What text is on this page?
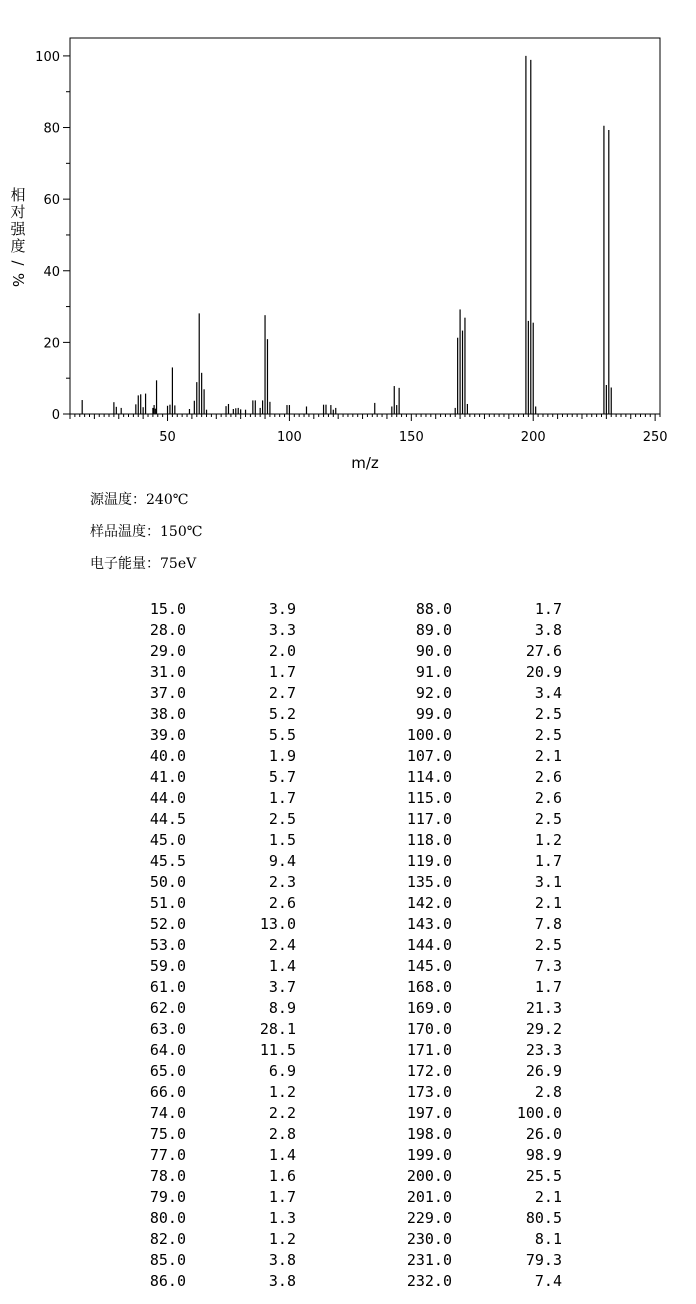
50	100	150	200	250
0
20
40
60
80
100
m/z
相
对
强
度
/
%
源温度：240℃
样品温度：150℃
电子能量：75eV
15.0	3.9	88.0	1.7
28.0	3.3	89.0	3.8
29.0	2.0	90.0	27.6
31.0	1.7	91.0	20.9
37.0	2.7	92.0	3.4
38.0	5.2	99.0	2.5
39.0	5.5	100.0	2.5
40.0	1.9	107.0	2.1
41.0	5.7	114.0	2.6
44.0	1.7	115.0	2.6
44.5	2.5	117.0	2.5
45.0	1.5	118.0	1.2
45.5	9.4	119.0	1.7
50.0	2.3	135.0	3.1
51.0	2.6	142.0	2.1
52.0	13.0	143.0	7.8
53.0	2.4	144.0	2.5
59.0	1.4	145.0	7.3
61.0	3.7	168.0	1.7
62.0	8.9	169.0	21.3
63.0	28.1	170.0	29.2
64.0	11.5	171.0	23.3
65.0	6.9	172.0	26.9
66.0	1.2	173.0	2.8
74.0	2.2	197.0	100.0
75.0	2.8	198.0	26.0
77.0	1.4	199.0	98.9
78.0	1.6	200.0	25.5
79.0	1.7	201.0	2.1
80.0	1.3	229.0	80.5
82.0	1.2	230.0	8.1
85.0	3.8	231.0	79.3
86.0	3.8	232.0	7.4
